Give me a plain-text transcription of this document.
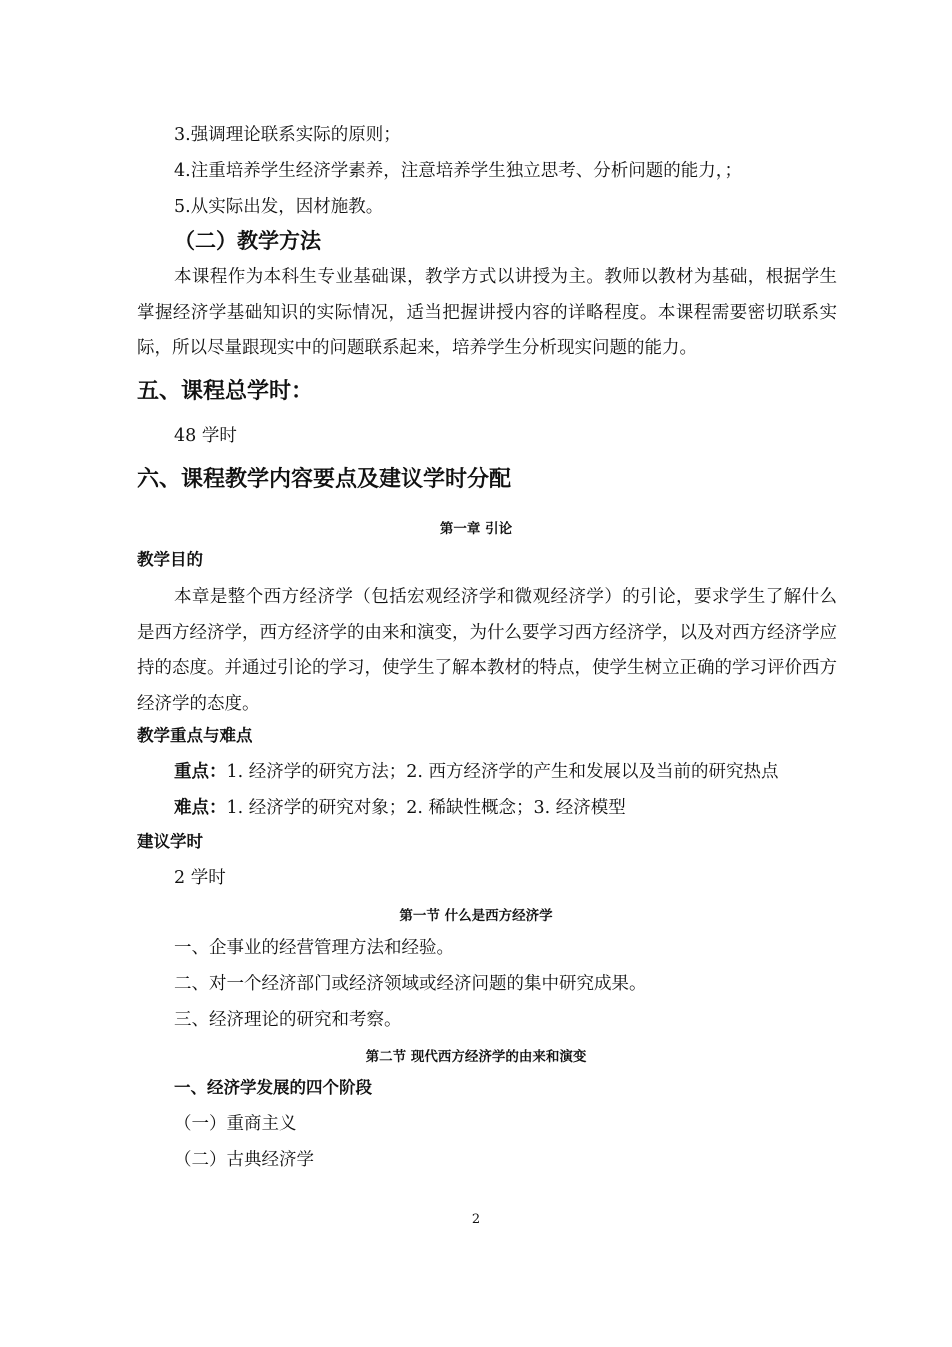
3.强调理论联系实际的原则；
4.注重培养学生经济学素养，注意培养学生独立思考、分析问题的能力，；
5.从实际出发，因材施教。
（二）教学方法
本课程作为本科生专业基础课，教学方式以讲授为主。教师以教材为基础，根据学生掌握经济学基础知识的实际情况，适当把握讲授内容的详略程度。本课程需要密切联系实际，所以尽量跟现实中的问题联系起来，培养学生分析现实问题的能力。
五、课程总学时：
48 学时
六、课程教学内容要点及建议学时分配
第一章 引论
教学目的
本章是整个西方经济学（包括宏观经济学和微观经济学）的引论，要求学生了解什么是西方经济学，西方经济学的由来和演变，为什么要学习西方经济学，以及对西方经济学应持的态度。并通过引论的学习，使学生了解本教材的特点，使学生树立正确的学习评价西方经济学的态度。
教学重点与难点
重点：1. 经济学的研究方法；2. 西方经济学的产生和发展以及当前的研究热点
难点：1. 经济学的研究对象；2. 稀缺性概念；3. 经济模型
建议学时
2 学时
第一节 什么是西方经济学
一、企事业的经营管理方法和经验。
二、对一个经济部门或经济领域或经济问题的集中研究成果。
三、经济理论的研究和考察。
第二节 现代西方经济学的由来和演变
一、经济学发展的四个阶段
（一）重商主义
（二）古典经济学
2
